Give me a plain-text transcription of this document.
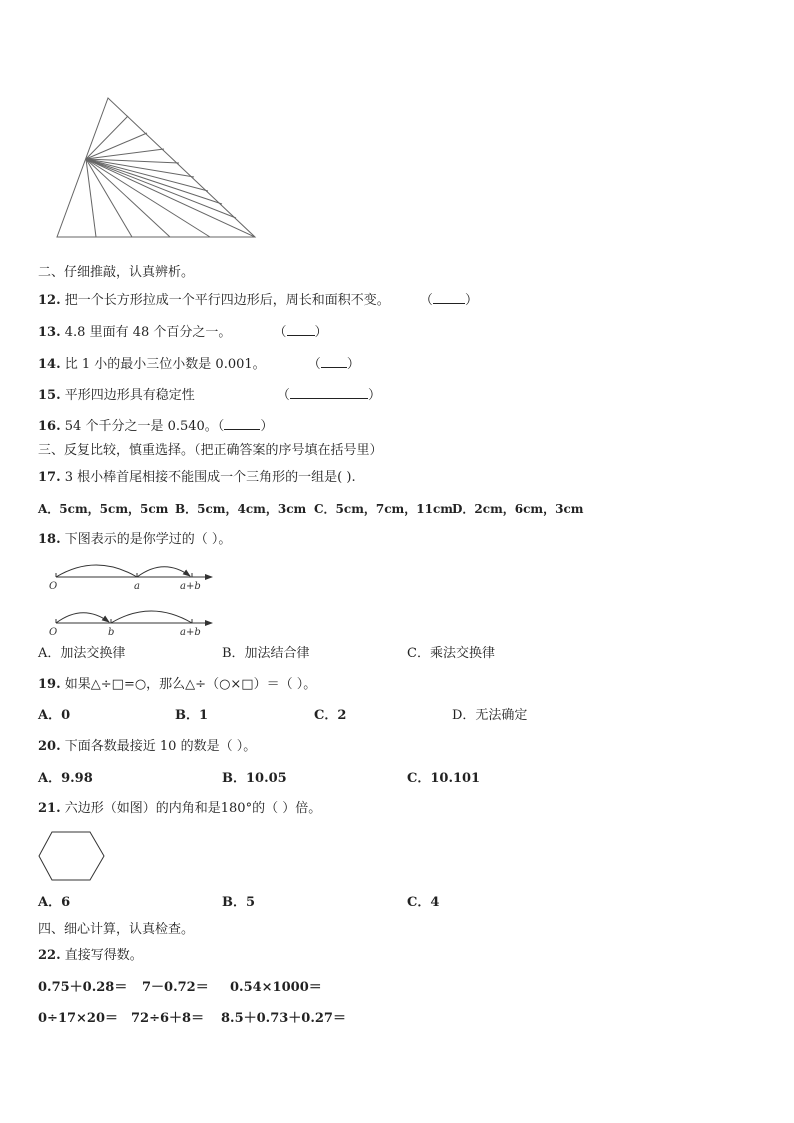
二、仔细推敲，认真辨析。
12. 把一个长方形拉成一个平行四边形后，周长和面积不变。 （ ）
13. 4.8 里面有 48 个百分之一。	（ ）
14. 比 1 小的最小三位小数是 0.001。	（ ）
15. 平形四边形具有稳定性	（	）
16. 54 个千分之一是 0.540。（	）
三、反复比较，慎重选择。（把正确答案的序号填在括号里）
17. 3 根小棒首尾相接不能围成一个三角形的一组是( ).
A．5cm，5cm，5cm B．5cm，4cm，3cm C．5cm，7cm，11cm D．2cm，6cm，3cm
18. 下图表示的是你学过的（ ）。
O	a	a+b
O	b	a+b
A．加法交换律	B．加法结合律	C．乘法交换律
19. 如果△÷□=○，那么△÷（○×□）＝（ ）。
A．0	B．1	C．2	D．无法确定
20. 下面各数最接近 10 的数是（ ）。
A．9.98	B．10.05	C．10.101
21. 六边形（如图）的内角和是180°的（ ）倍。
A．6	B．5	C．4
四、细心计算，认真检查。
22. 直接写得数。
0.75＋0.28＝ 7－0.72＝ 0.54×1000＝
0÷17×20＝ 72÷6＋8＝ 8.5＋0.73＋0.27＝
